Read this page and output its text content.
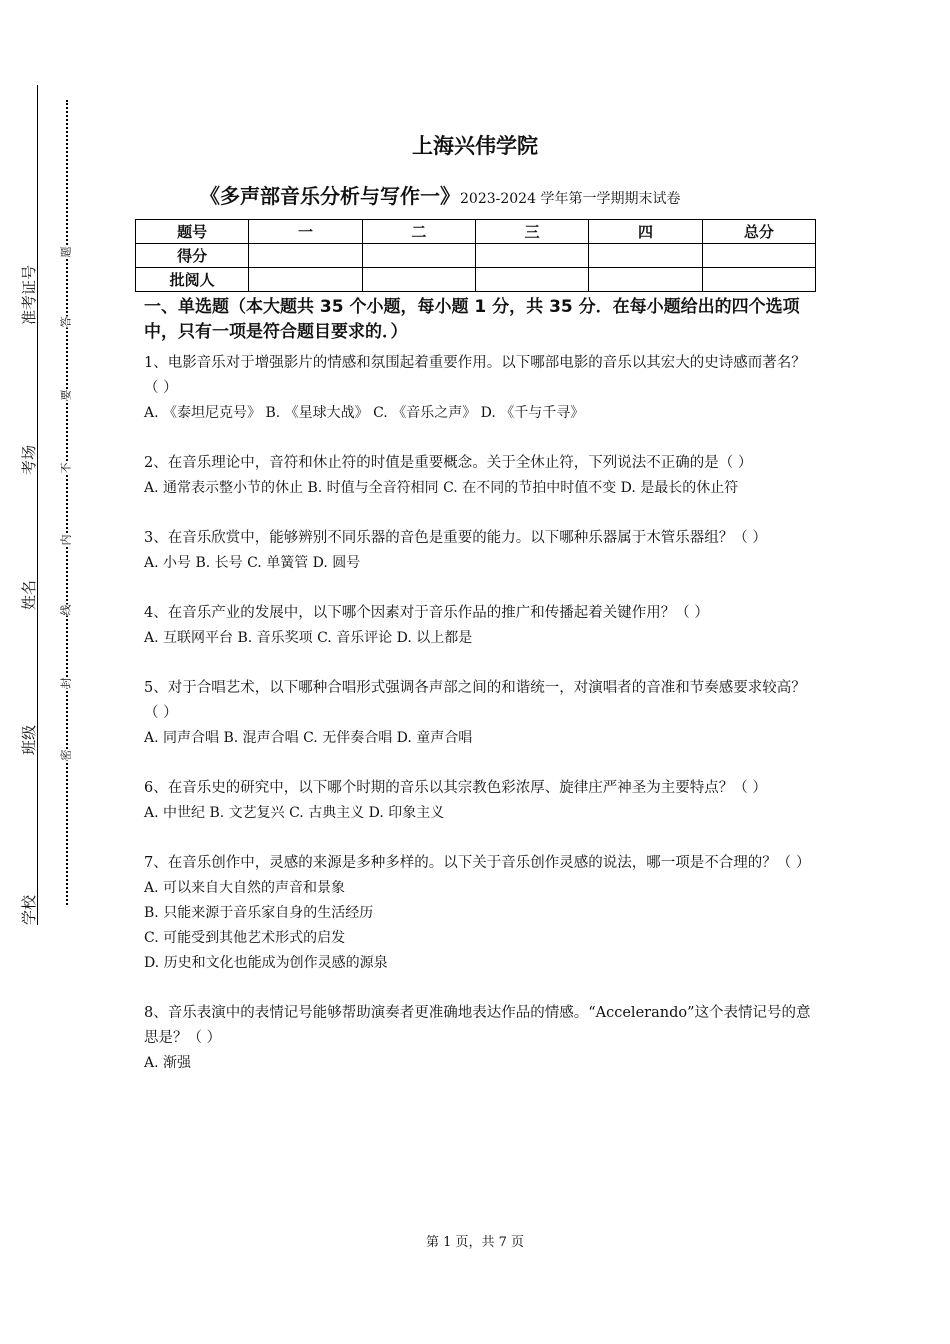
准考证号
考场
姓名
班级
学校
题
答
要
不
内
线
封
密
上海兴伟学院
《多声部音乐分析与写作一》2023-2024 学年第一学期期末试卷
题号	一	二	三	四	总分
得分					
批阅人					

一、单选题（本大题共 35 个小题，每小题 1 分，共 35 分．在每小题给出的四个选项中，只有一项是符合题目要求的．）

1、电影音乐对于增强影片的情感和氛围起着重要作用。以下哪部电影的音乐以其宏大的史诗感而著名？（ ）

A. 《泰坦尼克号》 B. 《星球大战》 C. 《音乐之声》 D. 《千与千寻》

2、在音乐理论中，音符和休止符的时值是重要概念。关于全休止符，下列说法不正确的是（ ）

A. 通常表示整小节的休止 B. 时值与全音符相同 C. 在不同的节拍中时值不变 D. 是最长的休止符

3、在音乐欣赏中，能够辨别不同乐器的音色是重要的能力。以下哪种乐器属于木管乐器组？（ ）

A. 小号 B. 长号 C. 单簧管 D. 圆号

4、在音乐产业的发展中，以下哪个因素对于音乐作品的推广和传播起着关键作用？（ ）

A. 互联网平台 B. 音乐奖项 C. 音乐评论 D. 以上都是

5、对于合唱艺术，以下哪种合唱形式强调各声部之间的和谐统一，对演唱者的音准和节奏感要求较高？（ ）

A. 同声合唱 B. 混声合唱 C. 无伴奏合唱 D. 童声合唱

6、在音乐史的研究中，以下哪个时期的音乐以其宗教色彩浓厚、旋律庄严神圣为主要特点？（ ）

A. 中世纪 B. 文艺复兴 C. 古典主义 D. 印象主义

7、在音乐创作中，灵感的来源是多种多样的。以下关于音乐创作灵感的说法，哪一项是不合理的？（ ）

A. 可以来自大自然的声音和景象

B. 只能来源于音乐家自身的生活经历

C. 可能受到其他艺术形式的启发

D. 历史和文化也能成为创作灵感的源泉

8、音乐表演中的表情记号能够帮助演奏者更准确地表达作品的情感。“Accelerando”这个表情记号的意思是？（ ）

A. 渐强

第 1 页，共 7 页
